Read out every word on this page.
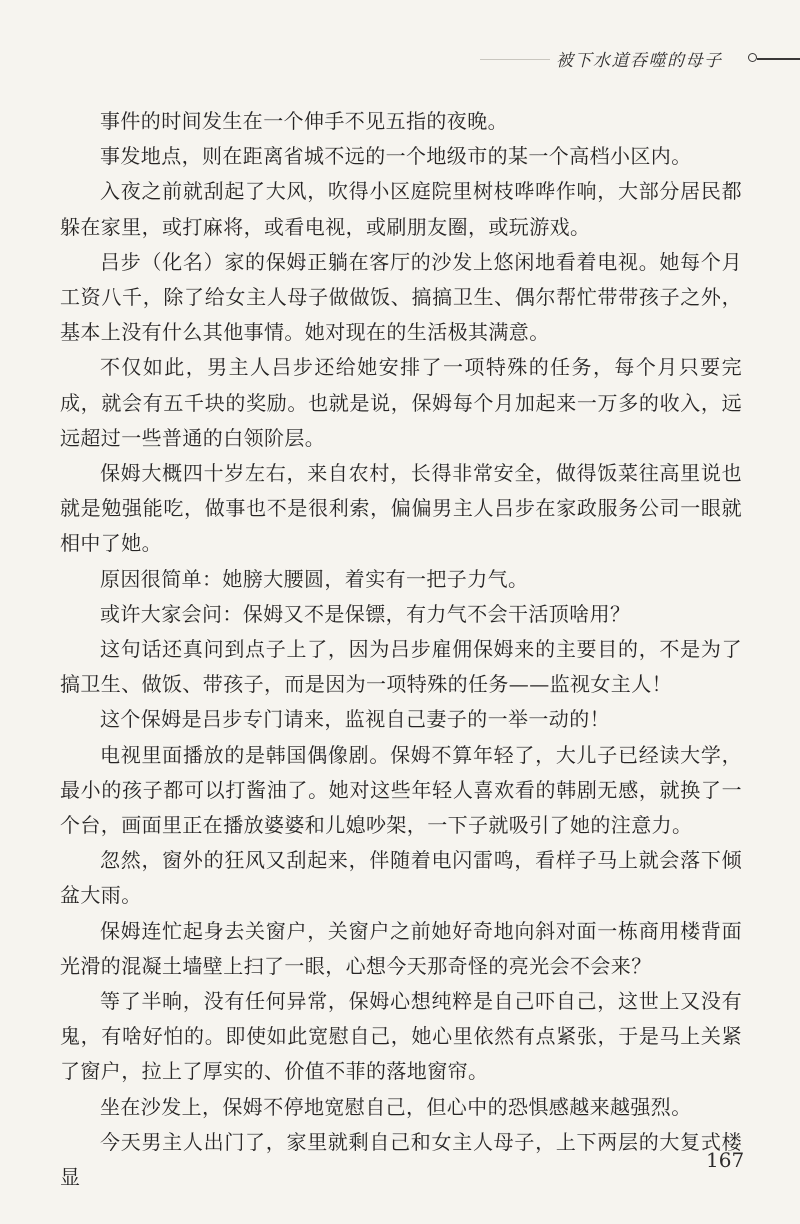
被下水道吞噬的母子

事件的时间发生在一个伸手不见五指的夜晚。

事发地点，则在距离省城不远的一个地级市的某一个高档小区内。

入夜之前就刮起了大风，吹得小区庭院里树枝哗哗作响，大部分居民都躲在家里，或打麻将，或看电视，或刷朋友圈，或玩游戏。

吕步（化名）家的保姆正躺在客厅的沙发上悠闲地看着电视。她每个月工资八千，除了给女主人母子做做饭、搞搞卫生、偶尔帮忙带带孩子之外，基本上没有什么其他事情。她对现在的生活极其满意。

不仅如此，男主人吕步还给她安排了一项特殊的任务，每个月只要完成，就会有五千块的奖励。也就是说，保姆每个月加起来一万多的收入，远远超过一些普通的白领阶层。

保姆大概四十岁左右，来自农村，长得非常安全，做得饭菜往高里说也就是勉强能吃，做事也不是很利索，偏偏男主人吕步在家政服务公司一眼就相中了她。

原因很简单：她膀大腰圆，着实有一把子力气。

或许大家会问：保姆又不是保镖，有力气不会干活顶啥用？

这句话还真问到点子上了，因为吕步雇佣保姆来的主要目的，不是为了搞卫生、做饭、带孩子，而是因为一项特殊的任务——监视女主人！

这个保姆是吕步专门请来，监视自己妻子的一举一动的！

电视里面播放的是韩国偶像剧。保姆不算年轻了，大儿子已经读大学，最小的孩子都可以打酱油了。她对这些年轻人喜欢看的韩剧无感，就换了一个台，画面里正在播放婆婆和儿媳吵架，一下子就吸引了她的注意力。

忽然，窗外的狂风又刮起来，伴随着电闪雷鸣，看样子马上就会落下倾盆大雨。

保姆连忙起身去关窗户，关窗户之前她好奇地向斜对面一栋商用楼背面光滑的混凝土墙壁上扫了一眼，心想今天那奇怪的亮光会不会来？

等了半晌，没有任何异常，保姆心想纯粹是自己吓自己，这世上又没有鬼，有啥好怕的。即使如此宽慰自己，她心里依然有点紧张，于是马上关紧了窗户，拉上了厚实的、价值不菲的落地窗帘。

坐在沙发上，保姆不停地宽慰自己，但心中的恐惧感越来越强烈。

今天男主人出门了，家里就剩自己和女主人母子，上下两层的大复式楼显

167
